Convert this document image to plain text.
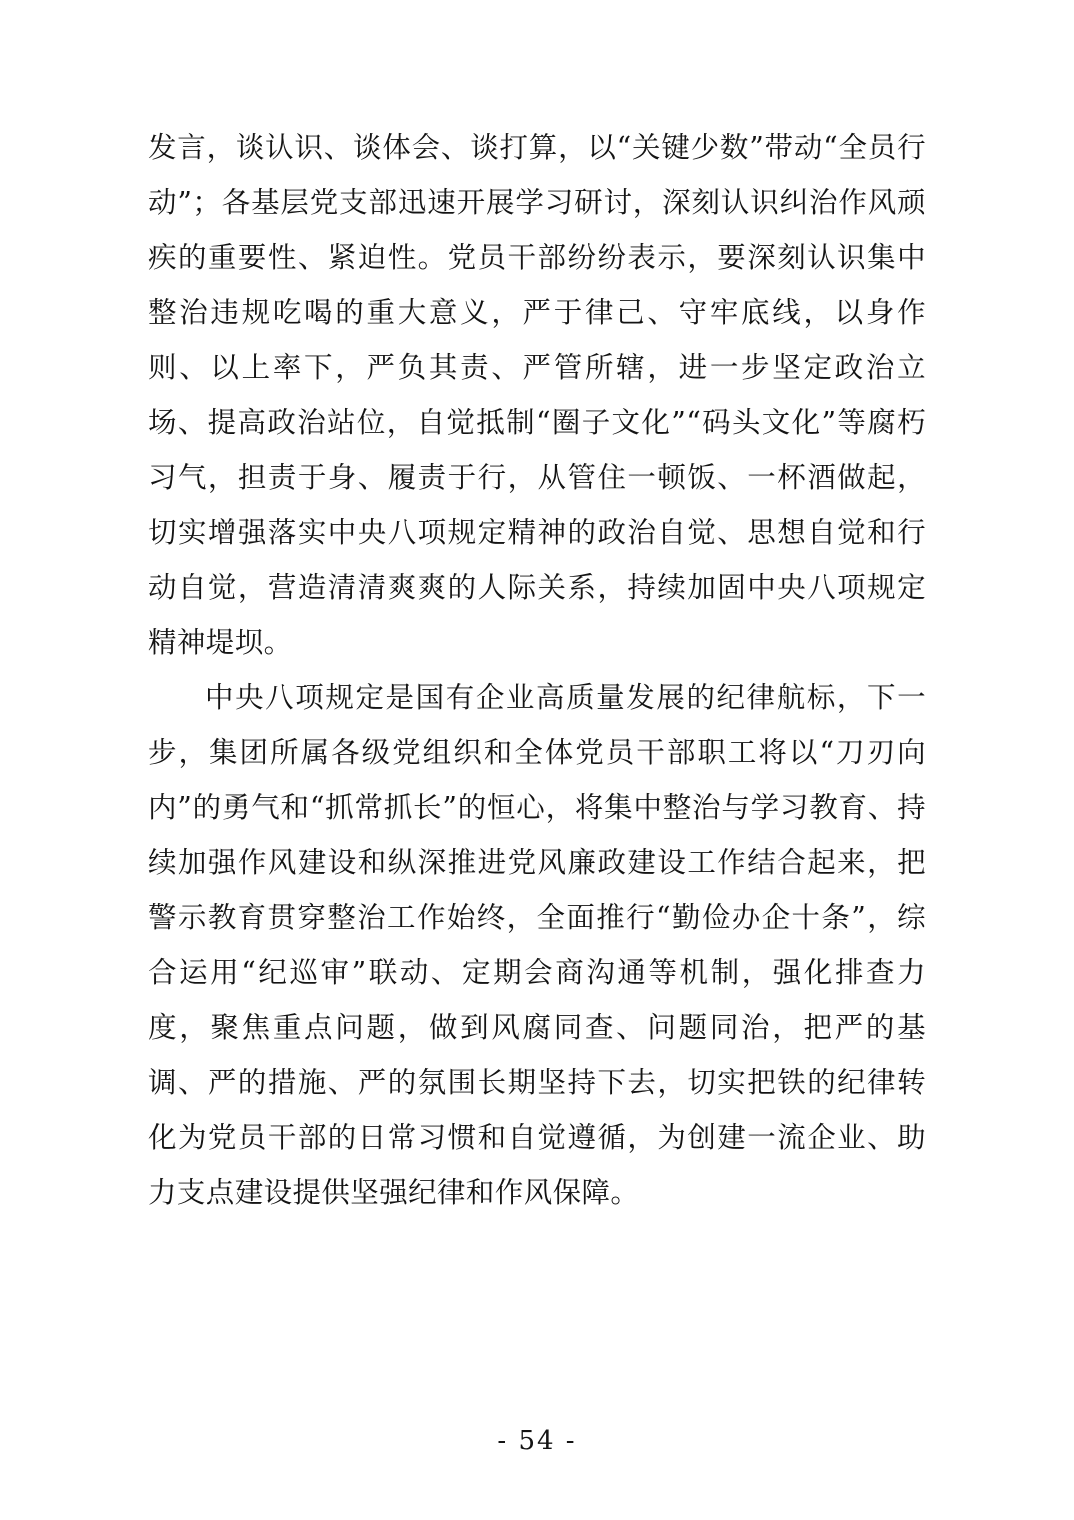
发言，谈认识、谈体会、谈打算，以“关键少数”带动“全员行动”；各基层党支部迅速开展学习研讨，深刻认识纠治作风顽疾的重要性、紧迫性。党员干部纷纷表示，要深刻认识集中整治违规吃喝的重大意义，严于律己、守牢底线，以身作则、以上率下，严负其责、严管所辖，进一步坚定政治立场、提高政治站位，自觉抵制“圈子文化”“码头文化”等腐朽习气，担责于身、履责于行，从管住一顿饭、一杯酒做起，切实增强落实中央八项规定精神的政治自觉、思想自觉和行动自觉，营造清清爽爽的人际关系，持续加固中央八项规定精神堤坝。

中央八项规定是国有企业高质量发展的纪律航标，下一步，集团所属各级党组织和全体党员干部职工将以“刀刃向内”的勇气和“抓常抓长”的恒心，将集中整治与学习教育、持续加强作风建设和纵深推进党风廉政建设工作结合起来，把警示教育贯穿整治工作始终，全面推行“勤俭办企十条”，综合运用“纪巡审”联动、定期会商沟通等机制，强化排查力度，聚焦重点问题，做到风腐同查、问题同治，把严的基调、严的措施、严的氛围长期坚持下去，切实把铁的纪律转化为党员干部的日常习惯和自觉遵循，为创建一流企业、助力支点建设提供坚强纪律和作风保障。

- 54 -
